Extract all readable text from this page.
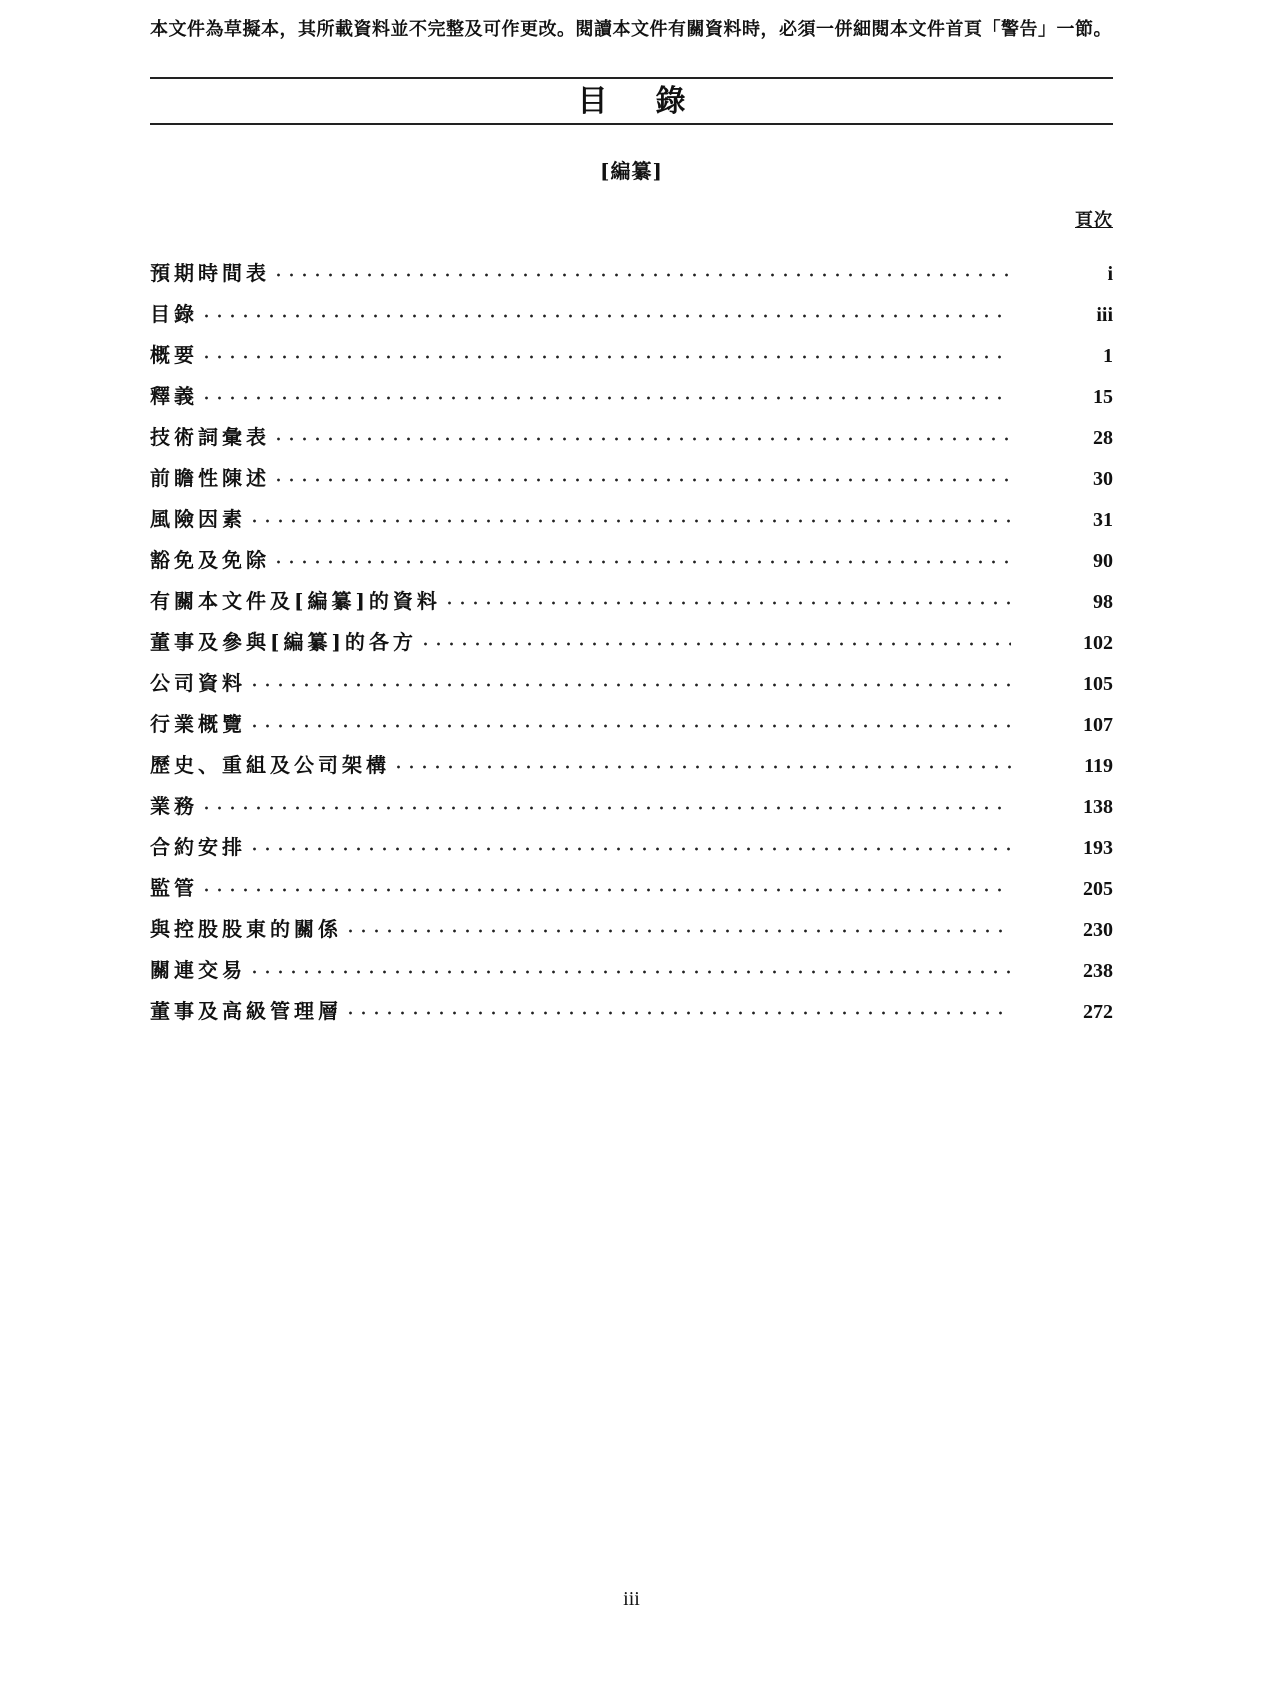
本文件為草擬本，其所載資料並不完整及可作更改。閱讀本文件有關資料時，必須一併細閱本文件首頁「警告」一節。
目錄
[編纂]
頁次
預期時間表	i
目錄	iii
概要	1
釋義	15
技術詞彙表	28
前瞻性陳述	30
風險因素	31
豁免及免除	90
有關本文件及[編纂]的資料	98
董事及參與[編纂]的各方	102
公司資料	105
行業概覽	107
歷史、重組及公司架構	119
業務	138
合約安排	193
監管	205
與控股股東的關係	230
關連交易	238
董事及高級管理層	272
iii
